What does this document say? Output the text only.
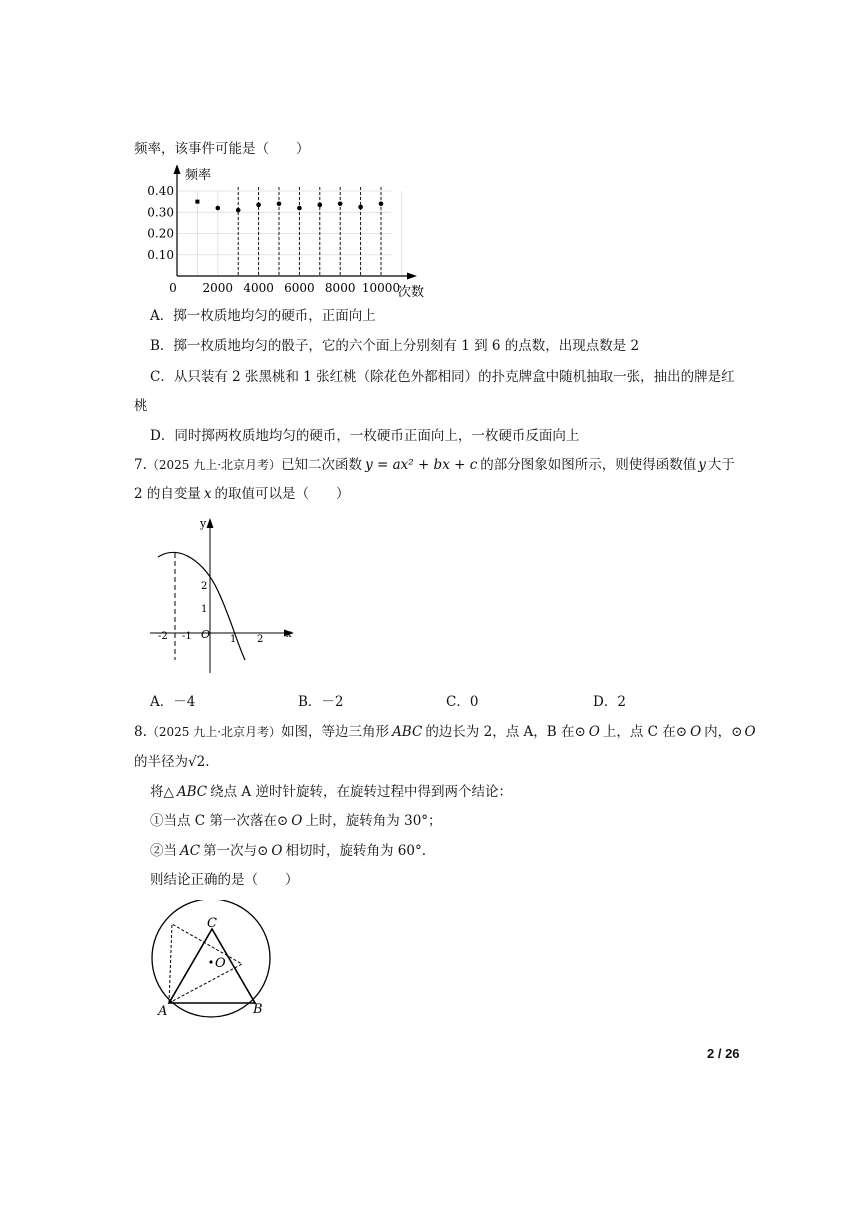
频率，该事件可能是（　　）
0.40
0.30
0.20
0.10
0 2000 4000 6000 8000 10000
频率
次数
A．掷一枚质地均匀的硬币，正面向上
B．掷一枚质地均匀的骰子，它的六个面上分别刻有 1 到 6 的点数，出现点数是 2
C．从只装有 2 张黑桃和 1 张红桃（除花色外都相同）的扑克牌盒中随机抽取一张，抽出的牌是红
桃
D．同时掷两枚质地均匀的硬币，一枚硬币正面向上，一枚硬币反面向上
7.（2025 九上·北京月考）已知二次函数 y = ax² + bx + c 的部分图象如图所示，则使得函数值 y 大于
2 的自变量 x 的取值可以是（　　）
y
x
O
-2 -1	1 2
2
1
A．－4	B．－2	C．0	D．2
8.（2025 九上·北京月考）如图，等边三角形 ABC 的边长为 2，点 A，B 在⊙ O 上，点 C 在⊙ O 内，⊙ O
的半径为√2.
将△ ABC 绕点 A 逆时针旋转，在旋转过程中得到两个结论：
①当点 C 第一次落在⊙ O 上时，旋转角为 30°；
②当 AC 第一次与⊙ O 相切时，旋转角为 60°.
则结论正确的是（　　）
O
C
A	B
2 / 26
